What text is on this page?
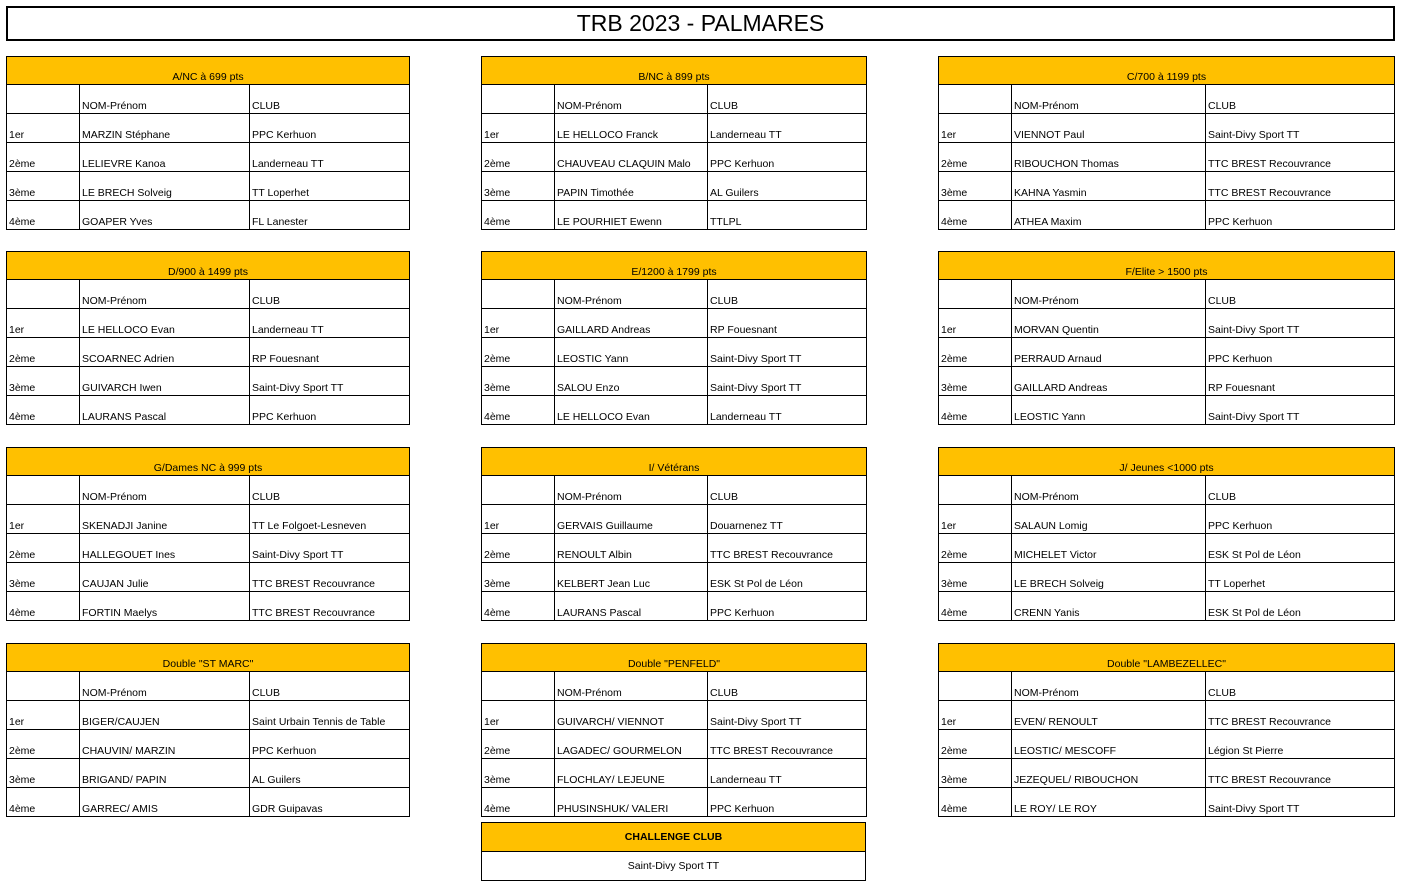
TRB 2023 - PALMARES
A/NC à 699 pts		
	NOM-Prénom	CLUB
1er	MARZIN Stéphane	PPC Kerhuon
2ème	LELIEVRE Kanoa	Landerneau TT
3ème	LE BRECH Solveig	TT Loperhet
4ème	GOAPER Yves	FL Lanester
B/NC à 899 pts		
	NOM-Prénom	CLUB
1er	LE HELLOCO Franck	Landerneau TT
2ème	CHAUVEAU CLAQUIN Malo	PPC Kerhuon
3ème	PAPIN Timothée	AL Guilers
4ème	LE POURHIET Ewenn	TTLPL
C/700 à 1199 pts		
	NOM-Prénom	CLUB
1er	VIENNOT Paul	Saint-Divy Sport TT
2ème	RIBOUCHON Thomas	TTC BREST Recouvrance
3ème	KAHNA Yasmin	TTC BREST Recouvrance
4ème	ATHEA Maxim	PPC Kerhuon
D/900 à 1499 pts		
	NOM-Prénom	CLUB
1er	LE HELLOCO Evan	Landerneau TT
2ème	SCOARNEC Adrien	RP Fouesnant
3ème	GUIVARCH Iwen	Saint-Divy Sport TT
4ème	LAURANS Pascal	PPC Kerhuon
E/1200 à 1799 pts		
	NOM-Prénom	CLUB
1er	GAILLARD Andreas	RP Fouesnant
2ème	LEOSTIC Yann	Saint-Divy Sport TT
3ème	SALOU Enzo	Saint-Divy Sport TT
4ème	LE HELLOCO Evan	Landerneau TT
F/Elite > 1500 pts		
	NOM-Prénom	CLUB
1er	MORVAN Quentin	Saint-Divy Sport TT
2ème	PERRAUD Arnaud	PPC Kerhuon
3ème	GAILLARD Andreas	RP Fouesnant
4ème	LEOSTIC Yann	Saint-Divy Sport TT
G/Dames NC à 999 pts		
	NOM-Prénom	CLUB
1er	SKENADJI Janine	TT Le Folgoet-Lesneven
2ème	HALLEGOUET Ines	Saint-Divy Sport TT
3ème	CAUJAN Julie	TTC BREST Recouvrance
4ème	FORTIN Maelys	TTC BREST Recouvrance
I/ Vétérans		
	NOM-Prénom	CLUB
1er	GERVAIS Guillaume	Douarnenez TT
2ème	RENOULT Albin	TTC BREST Recouvrance
3ème	KELBERT Jean Luc	ESK St Pol de Léon
4ème	LAURANS Pascal	PPC Kerhuon
J/ Jeunes <1000 pts		
	NOM-Prénom	CLUB
1er	SALAUN Lomig	PPC Kerhuon
2ème	MICHELET Victor	ESK St Pol de Léon
3ème	LE BRECH Solveig	TT Loperhet
4ème	CRENN Yanis	ESK St Pol de Léon
Double "ST MARC"		
	NOM-Prénom	CLUB
1er	BIGER/CAUJEN	Saint Urbain Tennis de Table
2ème	CHAUVIN/ MARZIN	PPC Kerhuon
3ème	BRIGAND/ PAPIN	AL Guilers
4ème	GARREC/ AMIS	GDR Guipavas
Double "PENFELD"		
	NOM-Prénom	CLUB
1er	GUIVARCH/ VIENNOT	Saint-Divy Sport TT
2ème	LAGADEC/ GOURMELON	TTC BREST Recouvrance
3ème	FLOCHLAY/ LEJEUNE	Landerneau TT
4ème	PHUSINSHUK/ VALERI	PPC Kerhuon
Double "LAMBEZELLEC"		
	NOM-Prénom	CLUB
1er	EVEN/ RENOULT	TTC BREST Recouvrance
2ème	LEOSTIC/ MESCOFF	Légion St Pierre
3ème	JEZEQUEL/ RIBOUCHON	TTC BREST Recouvrance
4ème	LE ROY/ LE ROY	Saint-Divy Sport TT
CHALLENGE CLUB
Saint-Divy Sport TT
